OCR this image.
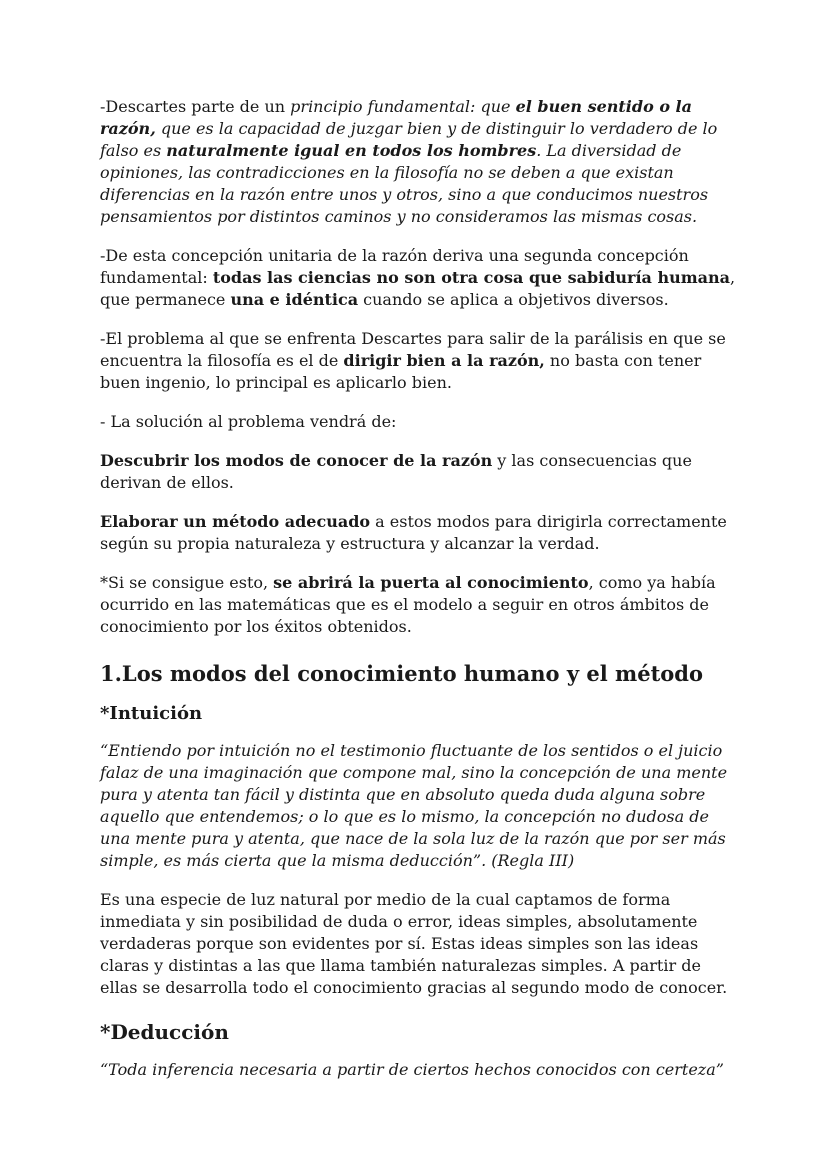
-Descartes parte de un principio fundamental: que el buen sentido o la razón, que es la capacidad de juzgar bien y de distinguir lo verdadero de lo falso es naturalmente igual en todos los hombres. La diversidad de opiniones, las contradicciones en la filosofía no se deben a que existan diferencias en la razón entre unos y otros, sino a que conducimos nuestros pensamientos por distintos caminos y no consideramos las mismas cosas.

-De esta concepción unitaria de la razón deriva una segunda concepción fundamental: todas las ciencias no son otra cosa que sabiduría humana, que permanece una e idéntica cuando se aplica a objetivos diversos.

-El problema al que se enfrenta Descartes para salir de la parálisis en que se encuentra la filosofía es el de dirigir bien a la razón, no basta con tener buen ingenio, lo principal es aplicarlo bien.

- La solución al problema vendrá de:

Descubrir los modos de conocer de la razón y las consecuencias que derivan de ellos.

Elaborar un método adecuado a estos modos para dirigirla correctamente según su propia naturaleza y estructura y alcanzar la verdad.

*Si se consigue esto, se abrirá la puerta al conocimiento, como ya había ocurrido en las matemáticas que es el modelo a seguir en otros ámbitos de conocimiento por los éxitos obtenidos.

1.Los modos del conocimiento humano y el método
*Intuición

“Entiendo por intuición no el testimonio fluctuante de los sentidos o el juicio falaz de una imaginación que compone mal, sino la concepción de una mente pura y atenta tan fácil y distinta que en absoluto queda duda alguna sobre aquello que entendemos; o lo que es lo mismo, la concepción no dudosa de una mente pura y atenta, que nace de la sola luz de la razón que por ser más simple, es más cierta que la misma deducción”. (Regla III)

Es una especie de luz natural por medio de la cual captamos de forma inmediata y sin posibilidad de duda o error, ideas simples, absolutamente verdaderas porque son evidentes por sí. Estas ideas simples son las ideas claras y distintas a las que llama también naturalezas simples. A partir de ellas se desarrolla todo el conocimiento gracias al segundo modo de conocer.

*Deducción

“Toda inferencia necesaria a partir de ciertos hechos conocidos con certeza”
